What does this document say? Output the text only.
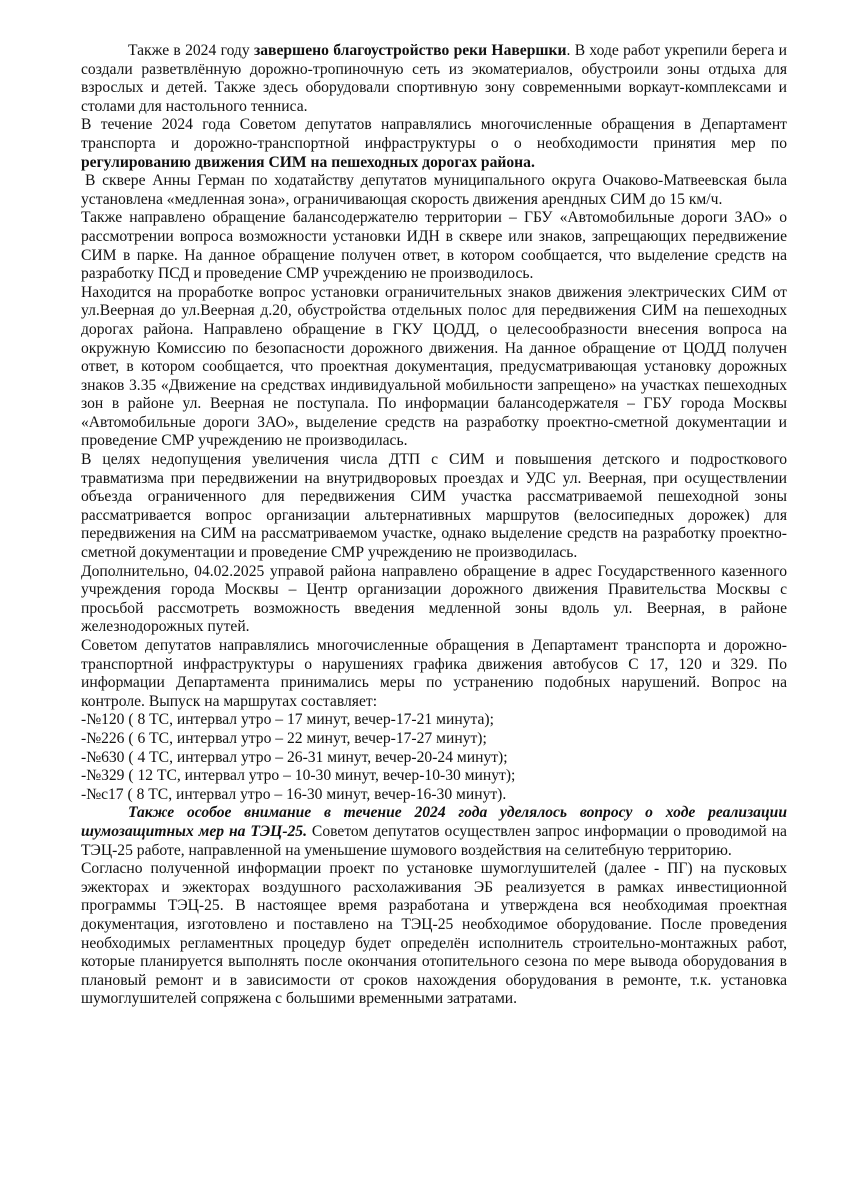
Также в 2024 году завершено благоустройство реки Навершки. В ходе работ укрепили берега и создали разветвлённую дорожно-тропиночную сеть из экоматериалов, обустроили зоны отдыха для взрослых и детей. Также здесь оборудовали спортивную зону современными воркаут-комплексами и столами для настольного тенниса.

В течение 2024 года Советом депутатов направлялись многочисленные обращения в Департамент транспорта и дорожно-транспортной инфраструктуры о о необходимости принятия мер по регулированию движения СИМ на пешеходных дорогах района.

В сквере Анны Герман по ходатайству депутатов муниципального округа Очаково-Матвеевская была установлена «медленная зона», ограничивающая скорость движения арендных СИМ до 15 км/ч.

Также направлено обращение балансодержателю территории – ГБУ «Автомобильные дороги ЗАО» о рассмотрении вопроса возможности установки ИДН в сквере или знаков, запрещающих передвижение СИМ в парке. На данное обращение получен ответ, в котором сообщается, что выделение средств на разработку ПСД и проведение СМР учреждению не производилось.

Находится на проработке вопрос установки ограничительных знаков движения электрических СИМ от ул.Веерная до ул.Веерная д.20, обустройства отдельных полос для передвижения СИМ на пешеходных дорогах района. Направлено обращение в ГКУ ЦОДД, о целесообразности внесения вопроса на окружную Комиссию по безопасности дорожного движения. На данное обращение от ЦОДД получен ответ, в котором сообщается, что проектная документация, предусматривающая установку дорожных знаков 3.35 «Движение на средствах индивидуальной мобильности запрещено» на участках пешеходных зон в районе ул. Веерная не поступала. По информации балансодержателя – ГБУ города Москвы «Автомобильные дороги ЗАО», выделение средств на разработку проектно-сметной документации и проведение СМР учреждению не производилась.

В целях недопущения увеличения числа ДТП с СИМ и повышения детского и подросткового травматизма при передвижении на внутридворовых проездах и УДС ул. Веерная, при осуществлении объезда ограниченного для передвижения СИМ участка рассматриваемой пешеходной зоны рассматривается вопрос организации альтернативных маршрутов (велосипедных дорожек) для передвижения на СИМ на рассматриваемом участке, однако выделение средств на разработку проектно-сметной документации и проведение СМР учреждению не производилась.

Дополнительно, 04.02.2025 управой района направлено обращение в адрес Государственного казенного учреждения города Москвы – Центр организации дорожного движения Правительства Москвы с просьбой рассмотреть возможность введения медленной зоны вдоль ул. Веерная, в районе железнодорожных путей.

Советом депутатов направлялись многочисленные обращения в Департамент транспорта и дорожно-транспортной инфраструктуры о нарушениях графика движения автобусов С 17, 120 и 329. По информации Департамента принимались меры по устранению подобных нарушений. Вопрос на контроле. Выпуск на маршрутах составляет:

-№120 ( 8 ТС, интервал утро – 17 минут, вечер-17-21 минута);

-№226 ( 6 ТС, интервал утро – 22 минут, вечер-17-27 минут);

-№630 ( 4 ТС, интервал утро – 26-31 минут, вечер-20-24 минут);

-№329 ( 12 ТС, интервал утро – 10-30 минут, вечер-10-30 минут);

-№с17 ( 8 ТС, интервал утро – 16-30 минут, вечер-16-30 минут).

Также особое внимание в течение 2024 года уделялось вопросу о ходе реализации шумозащитных мер на ТЭЦ-25. Советом депутатов осуществлен запрос информации о проводимой на ТЭЦ-25 работе, направленной на уменьшение шумового воздействия на селитебную территорию.

Согласно полученной информации проект по установке шумоглушителей (далее - ПГ) на пусковых эжекторах и эжекторах воздушного расхолаживания ЭБ реализуется в рамках инвестиционной программы ТЭЦ-25. В настоящее время разработана и утверждена вся необходимая проектная документация, изготовлено и поставлено на ТЭЦ-25 необходимое оборудование. После проведения необходимых регламентных процедур будет определён исполнитель строительно-монтажных работ, которые планируется выполнять после окончания отопительного сезона по мере вывода оборудования в плановый ремонт и в зависимости от сроков нахождения оборудования в ремонте, т.к. установка шумоглушителей сопряжена с большими временными затратами.
